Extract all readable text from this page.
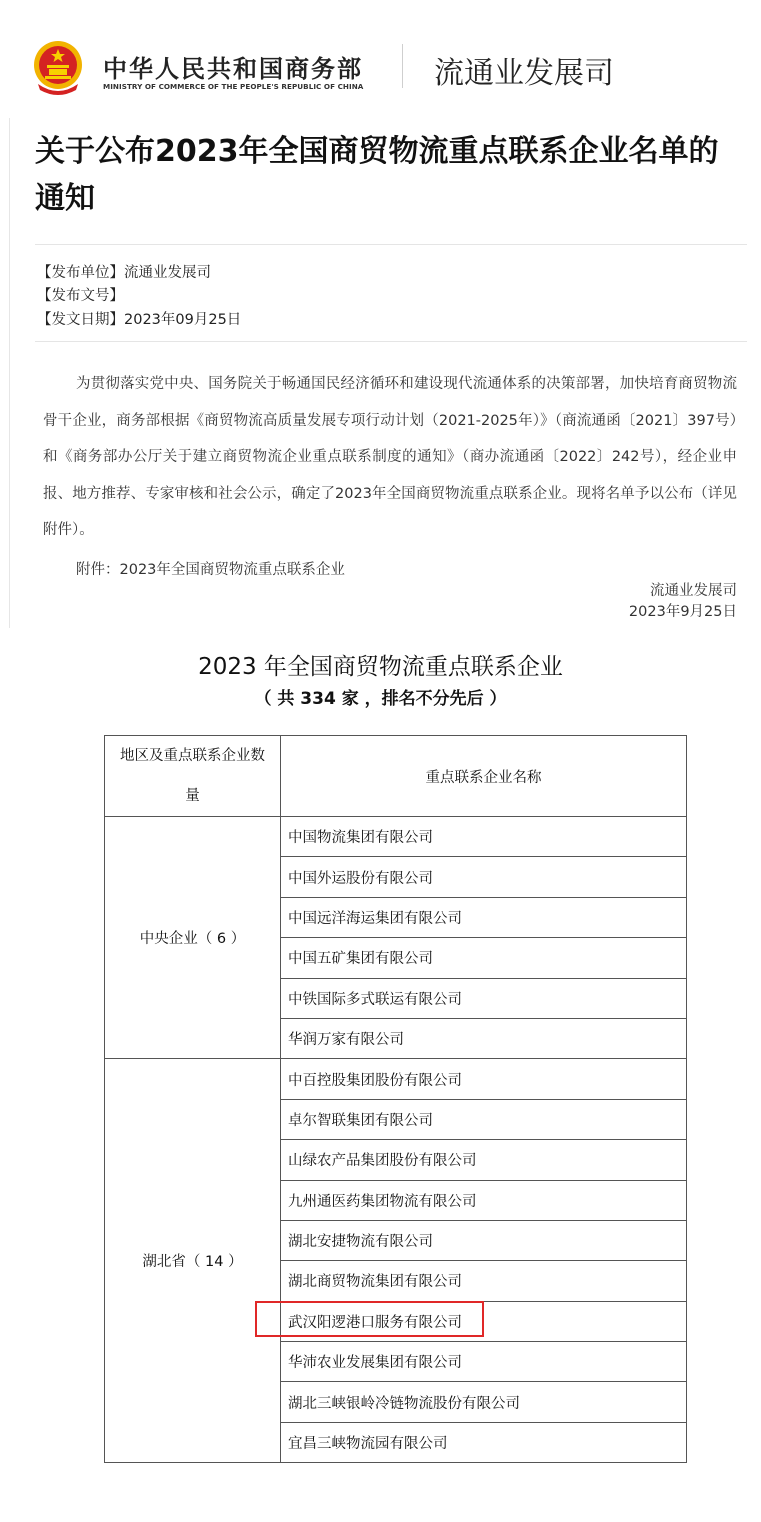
中华人民共和国商务部
MINISTRY OF COMMERCE OF THE PEOPLE'S REPUBLIC OF CHINA 流通业发展司
关于公布2023年全国商贸物流重点联系企业名单的通知
【发布单位】流通业发展司
【发布文号】
【发文日期】2023年09月25日
为贯彻落实党中央、国务院关于畅通国民经济循环和建设现代流通体系的决策部署，加快培育商贸物流骨干企业，商务部根据《商贸物流高质量发展专项行动计划（2021-2025年）》（商流通函〔2021〕397号）和《商务部办公厅关于建立商贸物流企业重点联系制度的通知》（商办流通函〔2022〕242号），经企业申报、地方推荐、专家审核和社会公示，确定了2023年全国商贸物流重点联系企业。现将名单予以公布（详见附件）。
附件：2023年全国商贸物流重点联系企业
流通业发展司
2023年9月25日
2023 年全国商贸物流重点联系企业
（ 共 334 家 ，排名不分先后 ）
地区及重点联系企业数量	重点联系企业名称
中央企业（ 6 ）	中国物流集团有限公司
	中国外运股份有限公司
	中国远洋海运集团有限公司
	中国五矿集团有限公司
	中铁国际多式联运有限公司
	华润万家有限公司
湖北省（ 14 ）	中百控股集团股份有限公司
	卓尔智联集团有限公司
	山绿农产品集团股份有限公司
	九州通医药集团物流有限公司
	湖北安捷物流有限公司
	湖北商贸物流集团有限公司
	武汉阳逻港口服务有限公司
	华沛农业发展集团有限公司
	湖北三峡银岭冷链物流股份有限公司
	宜昌三峡物流园有限公司
